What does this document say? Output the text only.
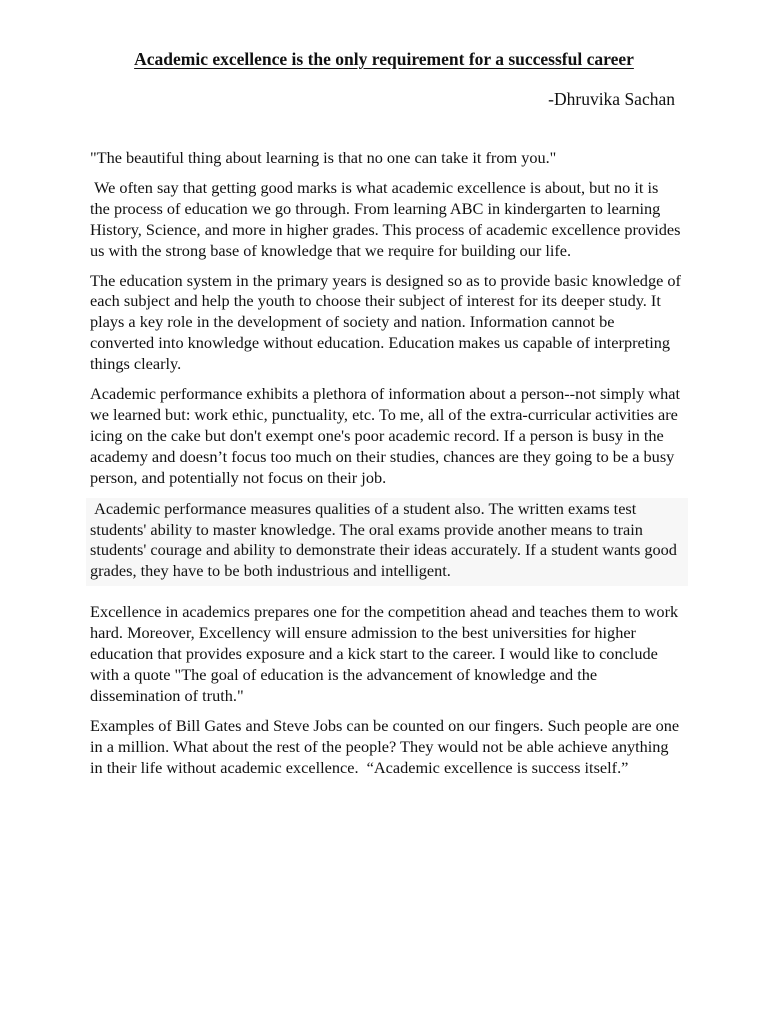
Academic excellence is the only requirement for a successful career

-Dhruvika Sachan

"The beautiful thing about learning is that no one can take it from you."

We often say that getting good marks is what academic excellence is about, but no it is the process of education we go through. From learning ABC in kindergarten to learning History, Science, and more in higher grades. This process of academic excellence provides us with the strong base of knowledge that we require for building our life.

The education system in the primary years is designed so as to provide basic knowledge of each subject and help the youth to choose their subject of interest for its deeper study. It plays a key role in the development of society and nation. Information cannot be converted into knowledge without education. Education makes us capable of interpreting things clearly.

Academic performance exhibits a plethora of information about a person--not simply what we learned but: work ethic, punctuality, etc. To me, all of the extra-curricular activities are icing on the cake but don't exempt one's poor academic record. If a person is busy in the academy and doesn’t focus too much on their studies, chances are they going to be a busy person, and potentially not focus on their job.

Academic performance measures qualities of a student also. The written exams test students' ability to master knowledge. The oral exams provide another means to train students' courage and ability to demonstrate their ideas accurately. If a student wants good grades, they have to be both industrious and intelligent.

Excellence in academics prepares one for the competition ahead and teaches them to work hard. Moreover, Excellency will ensure admission to the best universities for higher education that provides exposure and a kick start to the career. I would like to conclude with a quote "The goal of education is the advancement of knowledge and the dissemination of truth."

Examples of Bill Gates and Steve Jobs can be counted on our fingers. Such people are one in a million. What about the rest of the people? They would not be able achieve anything in their life without academic excellence.  “Academic excellence is success itself.”
